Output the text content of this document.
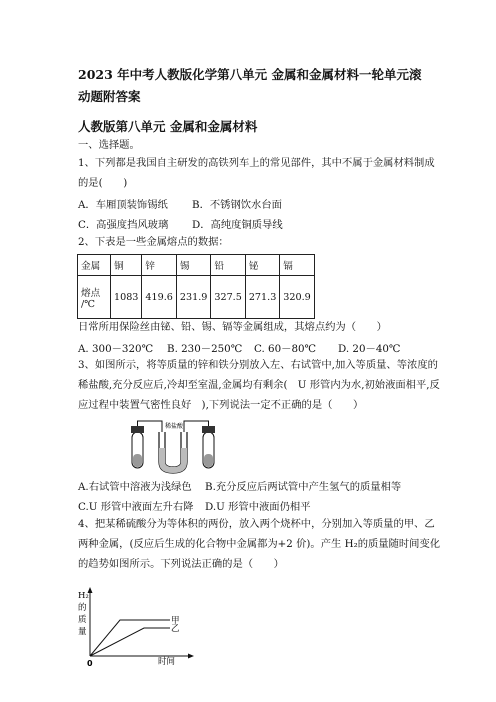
2023 年中考人教版化学第八单元 金属和金属材料一轮单元滚动题附答案
人教版第八单元 金属和金属材料
一、选择题。
1、下列都是我国自主研发的高铁列车上的常见部件，其中不属于金属材料制成
的是(　　)
A．车厢顶装饰锡纸 B．不锈钢饮水台面
C．高强度挡风玻璃 D．高纯度铜质导线
2、下表是一些金属熔点的数据：
金属	铜	锌	锡	铅	铋	镉
熔点
/℃	1083	419.6	231.9	327.5	271.3	320.9
日常所用保险丝由铋、铅、锡、镉等金属组成，其熔点约为（　　）
A. 300－320℃ B. 230－250℃ C. 60－80℃ D. 20－40℃
3、如图所示，将等质量的锌和铁分别放入左、右试管中,加入等质量、等浓度的
稀盐酸,充分反应后,冷却至室温,金属均有剩余(　U 形管内为水,初始液面相平,反
应过程中装置气密性良好　),下列说法一定不正确的是（　　）
稀盐酸
A.右试管中溶液为浅绿色 B.充分反应后两试管中产生氢气的质量相等
C.U 形管中液面左升右降 D.U 形管中液面仍相平
4、把某稀硫酸分为等体积的两份，放入两个烧杯中，分别加入等质量的甲、乙
两种金属，(反应后生成的化合物中金属都为+2 价)。产生 H₂的质量随时间变化
的趋势如图所示。下列说法正确的是（　　）
H₂
的
质
量
甲
乙
0	时间
